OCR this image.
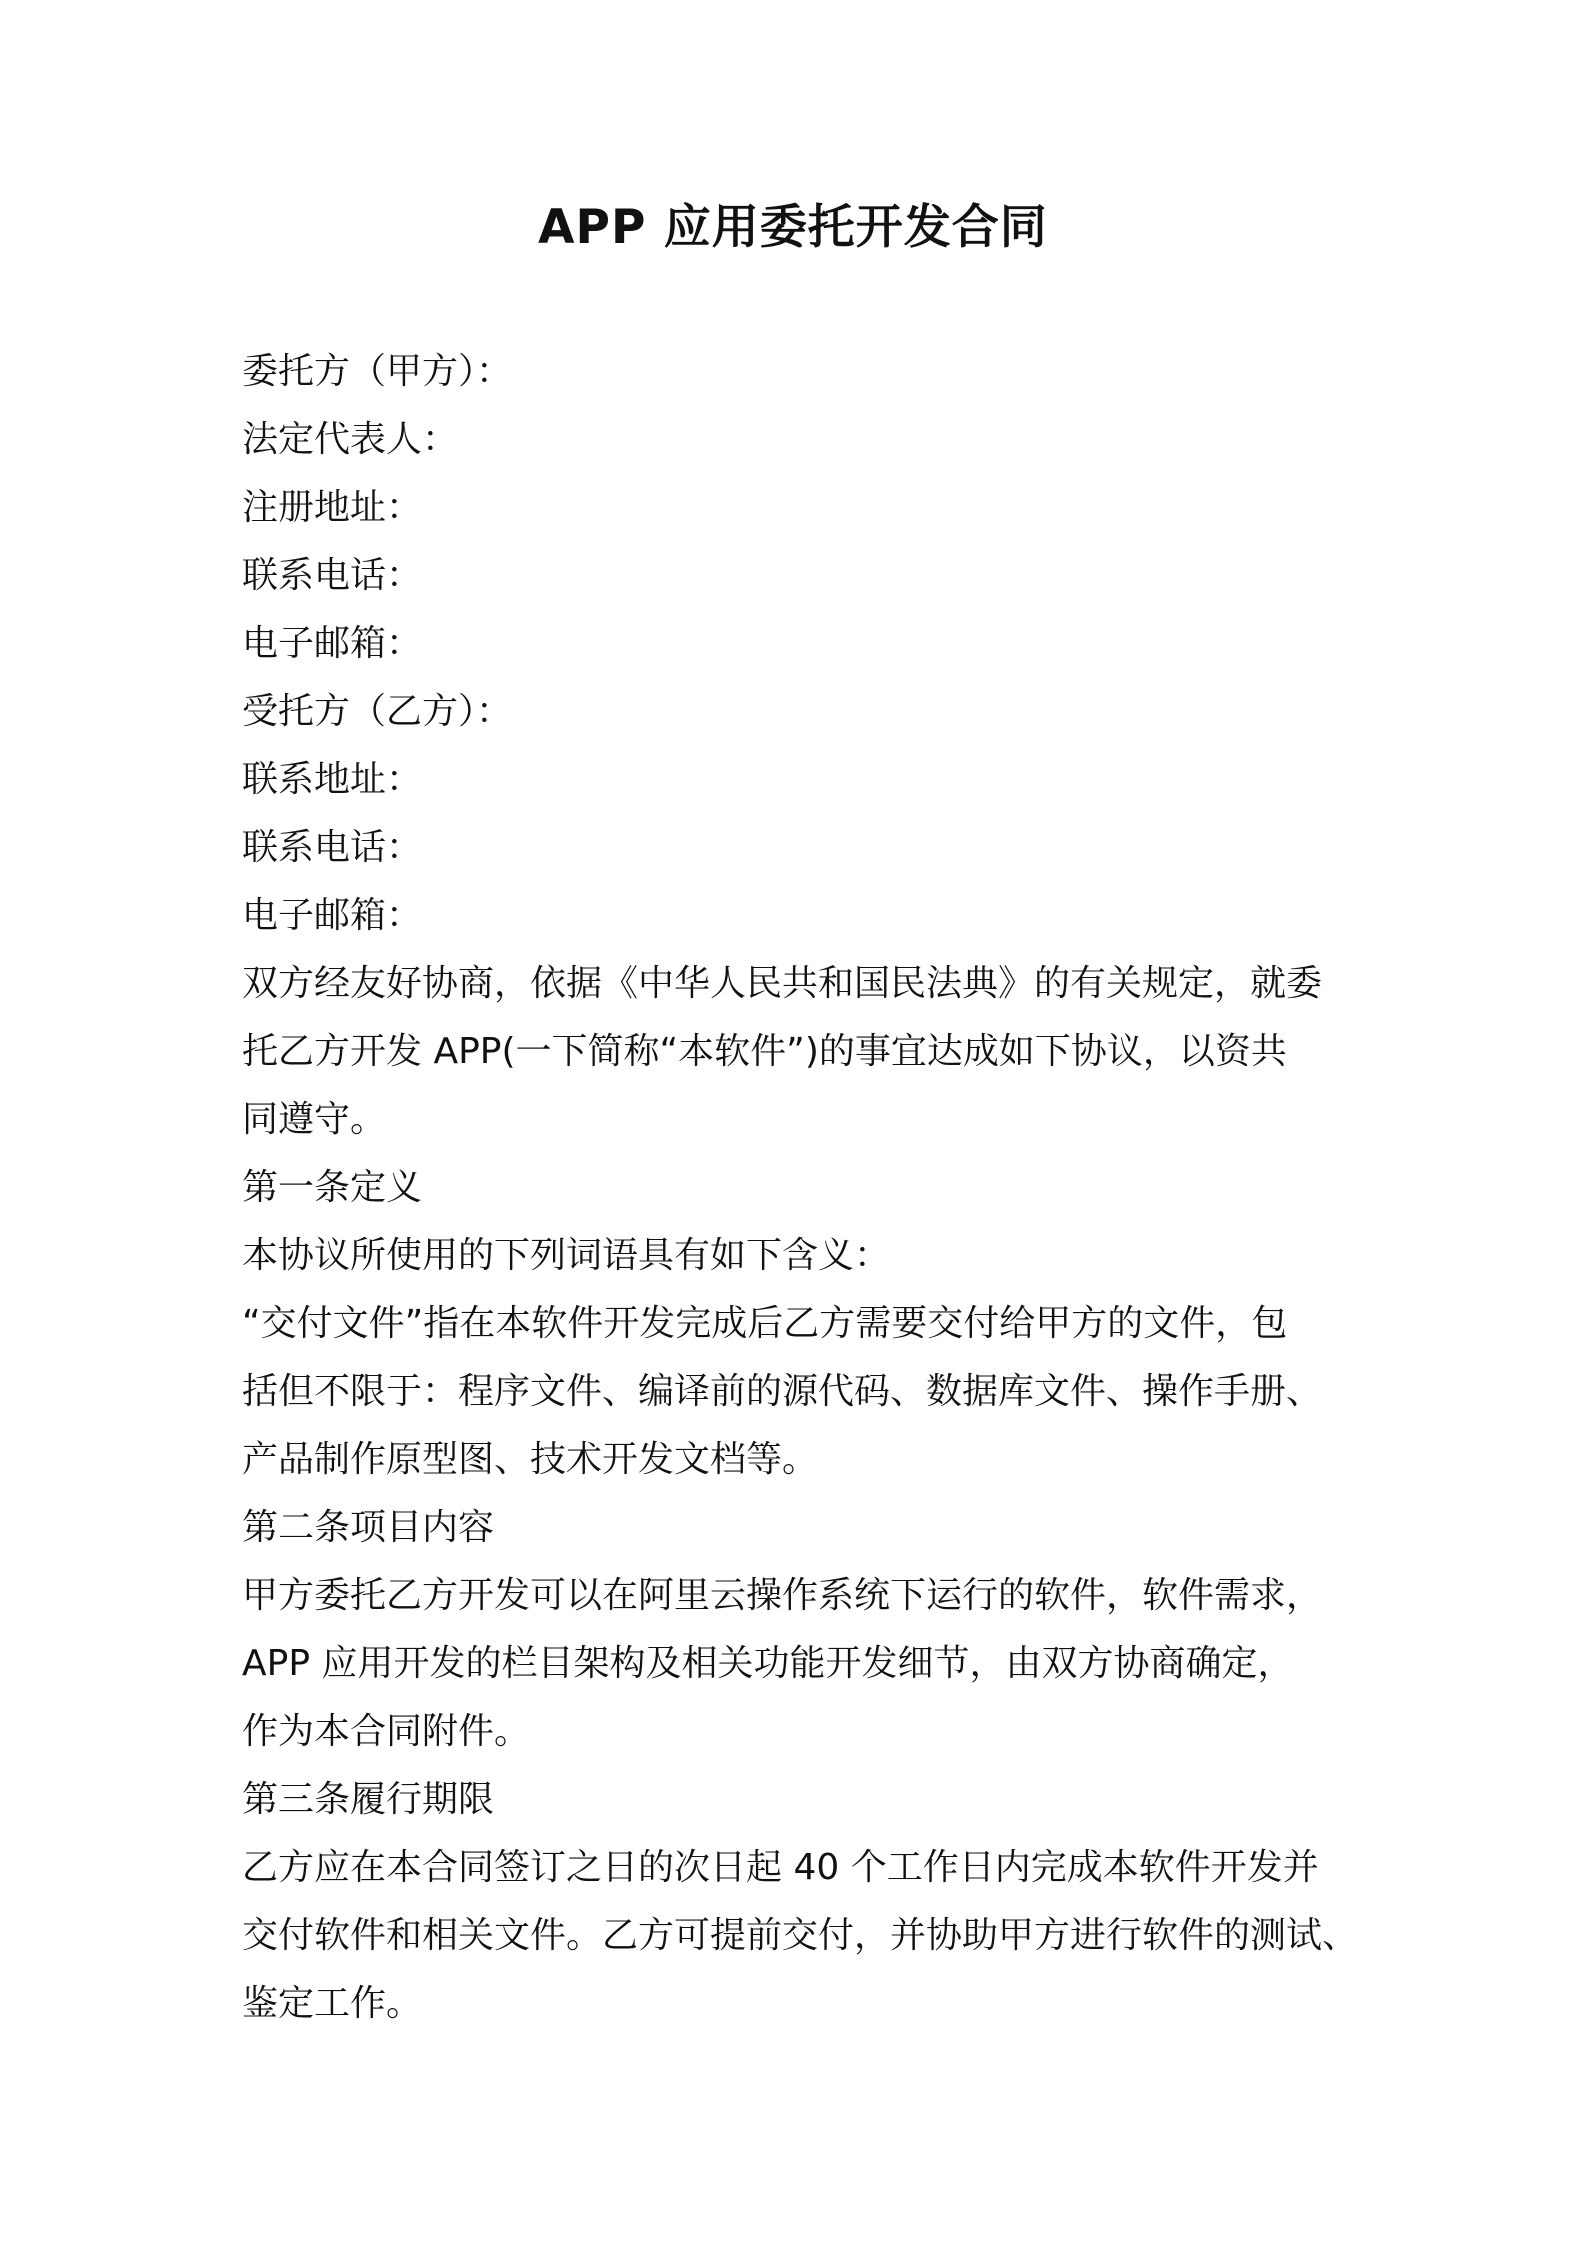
APP 应用委托开发合同
委托方（甲方）：
法定代表人：
注册地址：
联系电话：
电子邮箱：
受托方（乙方）：
联系地址：
联系电话：
电子邮箱：
双方经友好协商，依据《中华人民共和国民法典》的有关规定，就委
托乙方开发 APP(一下简称“本软件”)的事宜达成如下协议，以资共
同遵守。
第一条定义
本协议所使用的下列词语具有如下含义：
“交付文件”指在本软件开发完成后乙方需要交付给甲方的文件，包
括但不限于：程序文件、编译前的源代码、数据库文件、操作手册、
产品制作原型图、技术开发文档等。
第二条项目内容
甲方委托乙方开发可以在阿里云操作系统下运行的软件，软件需求，
APP 应用开发的栏目架构及相关功能开发细节，由双方协商确定，
作为本合同附件。
第三条履行期限
乙方应在本合同签订之日的次日起 40 个工作日内完成本软件开发并
交付软件和相关文件。乙方可提前交付，并协助甲方进行软件的测试、
鉴定工作。
